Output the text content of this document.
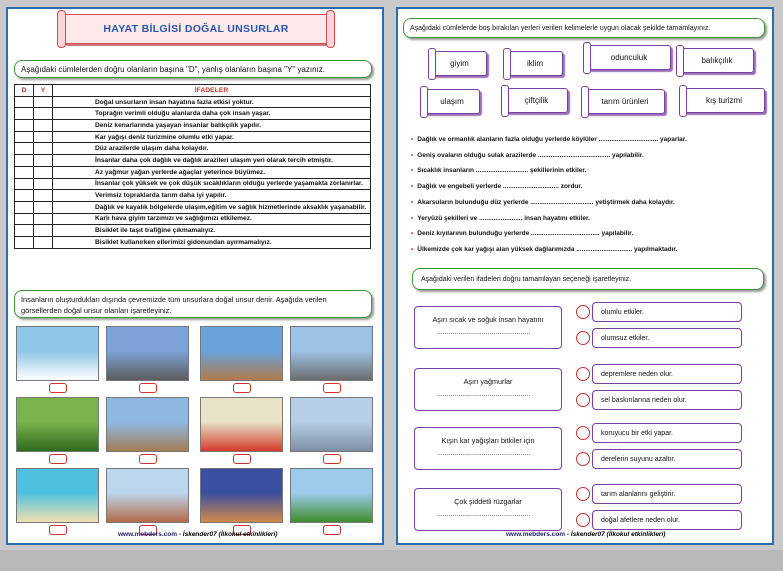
HAYAT BİLGİSİ DOĞAL UNSURLAR
Aşağıdaki cümlelerden doğru olanların başına "D", yanlış olanların başına "Y" yazınız.
D	Y	İFADELER
		Doğal unsurların insan hayatına fazla etkisi yoktur.
		Toprağın verimli olduğu alanlarda daha çok insan yaşar.
		Deniz kenarlarında yaşayan insanlar balıkçılık yapılır.
		Kar yağışı deniz turizmine olumlu etki yapar.
		Düz arazilerde ulaşım daha kolaydır.
		İnsanlar daha çok dağlık ve dağlık arazileri ulaşım yeri olarak tercih etmiştir.
		Az yağmur yağan yerlerde ağaçlar yeterince büyümez.
		İnsanlar çok yüksek ve çok düşük sıcaklıkların olduğu yerlerde yaşamakta zorlanırlar.
		Verimsiz topraklarda tarım daha iyi yapılır.
		Dağlık ve kayalık bölgelerde ulaşım,eğitim ve sağlık hizmetlerinde aksaklık yaşanabilir.
		Karlı hava giyim tarzımızı ve sağlığımızı etkilemez.
		Bisiklet ile taşıt trafiğine çıkmamalıyız.
		Bisiklet kullanırken ellerimizi gidonundan ayırmamalıyız.
İnsanların oluşturdukları dışında çevremizde tüm unsurlara doğal unsur denir. Aşağıda verilen görsellerden doğal unsur olanları işaretleyiniz.
www.mebders.com - İskender07 (İlkokul etkinlikleri)
Aşağıdaki cümlelerde boş bırakılan yerleri verilen kelimelerle uygun olacak şekilde tamamlayınız.
giyim	iklim
odunculuk	balıkçılık
ulaşım	çiftçilik	tarım ürünleri	kış turizmi
• Dağlık ve ormanlık alanların fazla olduğu yerlerde köylüler ................................. yaparlar.
• Geniş ovaların olduğu sulak arazilerde ........................................ yapılabilir.
• Sıcaklık insanların ............................. şekillerinin etkiler.
• Dağlık ve engebeli yerlerde ............................... zordur.
• Akarsuların bulunduğu düz yerlerde ................................... yetiştirmek daha kolaydır.
• Yeryüzü şekilleri ve ........................ insan hayatını etkiler.
• Deniz kıyılarının bulunduğu yerlerde ...................................... yapılabilir.
• Ülkemizde çok kar yağışı alan yüksek dağlarımızda ............................... yapılmaktadır.
Aşağıdaki verilen ifadeleri doğru tamamlayan seçeneği işaretleyiniz.
Aşırı sıcak ve soğuk insan hayatını
................................................
olumlu etkiler.
olumsuz etkiler.
Aşırı yağmurlar
................................................
depremlere neden olur.
sel baskınlarına neden olur.
Kışın kar yağışları bitkiler için
................................................
koruyucu bir etki yapar.
derelerin suyunu azaltır.
Çok şiddetli rüzgarlar
................................................
tarım alanlarını geliştirir.
doğal afetlere neden olur.
www.mebders.com - İskender07 (İlkokul etkinlikleri)
